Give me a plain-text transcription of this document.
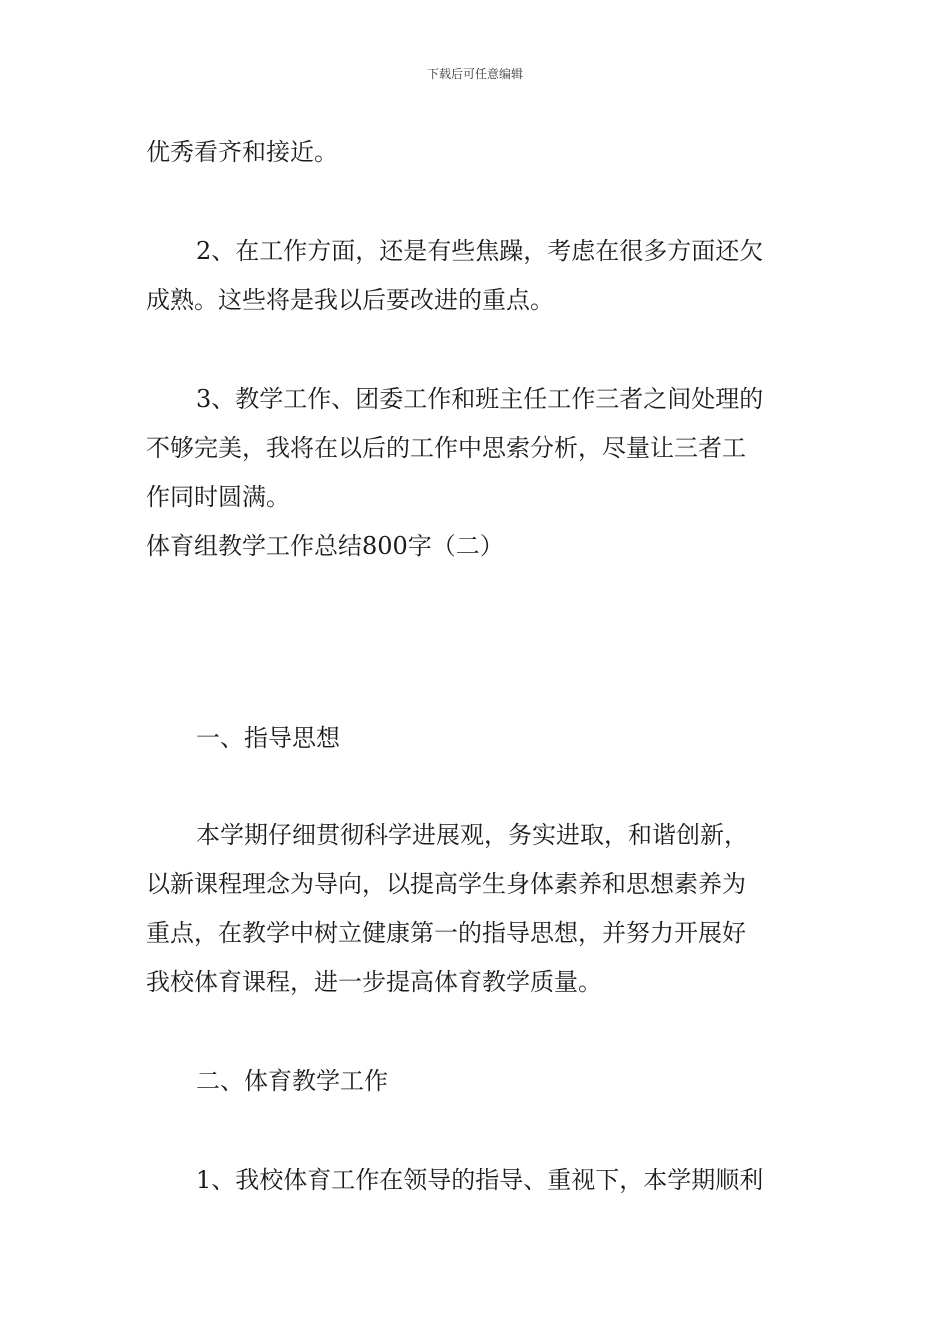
下载后可任意编辑
优秀看齐和接近。
2、在工作方面，还是有些焦躁，考虑在很多方面还欠
成熟。这些将是我以后要改进的重点。
3、教学工作、团委工作和班主任工作三者之间处理的
不够完美，我将在以后的工作中思索分析，尽量让三者工
作同时圆满。
体育组教学工作总结800字（二）
一、指导思想
本学期仔细贯彻科学进展观，务实进取，和谐创新，
以新课程理念为导向，以提高学生身体素养和思想素养为
重点，在教学中树立健康第一的指导思想，并努力开展好
我校体育课程，进一步提高体育教学质量。
二、体育教学工作
1、我校体育工作在领导的指导、重视下，本学期顺利
